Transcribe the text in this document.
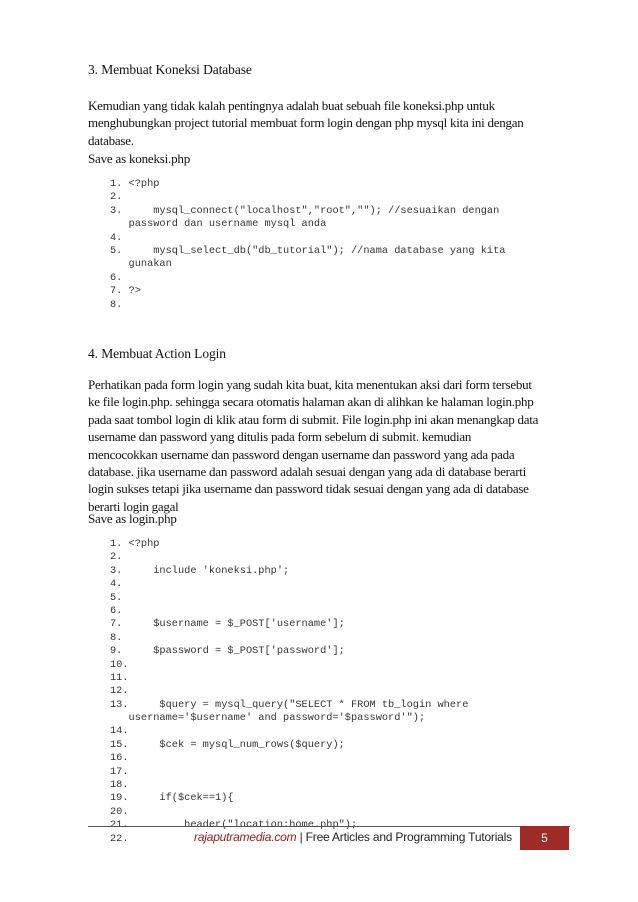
3. Membuat Koneksi Database
Kemudian yang tidak kalah pentingnya adalah buat sebuah file koneksi.php untuk
menghubungkan project tutorial membuat form login dengan php mysql kita ini dengan
database.
Save as koneksi.php
1. <?php
2.
3.     mysql_connect("localhost","root",""); //sesuaikan dengan
password dan username mysql anda
4.
5.     mysql_select_db("db_tutorial"); //nama database yang kita
gunakan
6.
7. ?>
8.
4. Membuat Action Login
Perhatikan pada form login yang sudah kita buat, kita menentukan aksi dari form tersebut
ke file login.php. sehingga secara otomatis halaman akan di alihkan ke halaman login.php
pada saat tombol login di klik atau form di submit. File login.php ini akan menangkap data
username dan password yang ditulis pada form sebelum di submit. kemudian
mencocokkan username dan password dengan username dan password yang ada pada
database. jika username dan password adalah sesuai dengan yang ada di database berarti
login sukses tetapi jika username dan password tidak sesuai dengan yang ada di database
berarti login gagal
Save as login.php
1. <?php
2.
3.     include 'koneksi.php';
4.
5.
6.
7.     $username = $_POST['username'];
8.
9.     $password = $_POST['password'];
10.
11.
12.
13.     $query = mysql_query("SELECT * FROM tb_login where
username='$username' and password='$password'");
14.
15.     $cek = mysql_num_rows($query);
16.
17.
18.
19.     if($cek==1){
20.
21.         header("location:home.php");
22.	rajaputramedia.com | Free Articles and Programming Tutorials	5
